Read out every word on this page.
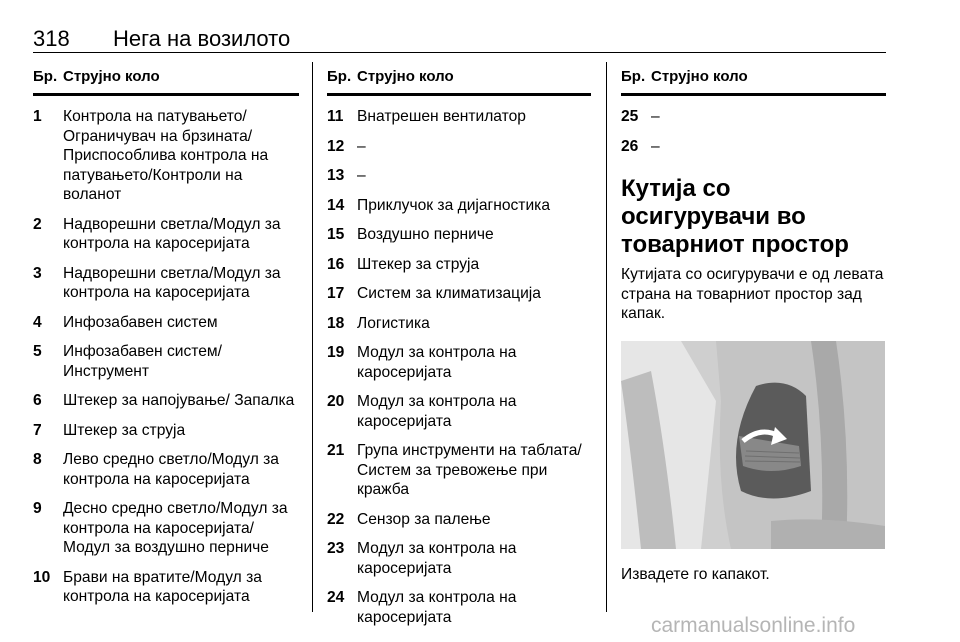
318 Нега на возилото
Бр. Струјно коло
1 Контрола на патувањето/ Ограничувач на брзината/ Приспособлива контрола на патувањето/Контроли на воланот
2 Надворешни светла/Модул за контрола на каросеријата
3 Надворешни светла/Модул за контрола на каросеријата
4 Инфозабавен систем
5 Инфозабавен систем/ Инструмент
6 Штекер за напојување/ Запалка
7 Штекер за струја
8 Лево средно светло/Модул за контрола на каросеријата
9 Десно средно светло/Модул за контрола на каросеријата/ Модул за воздушно перниче
10 Брави на вратите/Модул за контрола на каросеријата
Бр. Струјно коло
11 Внатрешен вентилатор
12 –
13 –
14 Приклучок за дијагностика
15 Воздушно перниче
16 Штекер за струја
17 Систем за климатизација
18 Логистика
19 Модул за контрола на каросеријата
20 Модул за контрола на каросеријата
21 Група инструменти на таблата/Систем за тревожење при кражба
22 Сензор за палење
23 Модул за контрола на каросеријата
24 Модул за контрола на каросеријата
Бр. Струјно коло
25 –
26 –
Кутија со осигурувачи во товарниот простор
Кутијата со осигурувачи е од левата страна на товарниот простор зад капак.
Извадете го капакот.
carmanualsonline.info
